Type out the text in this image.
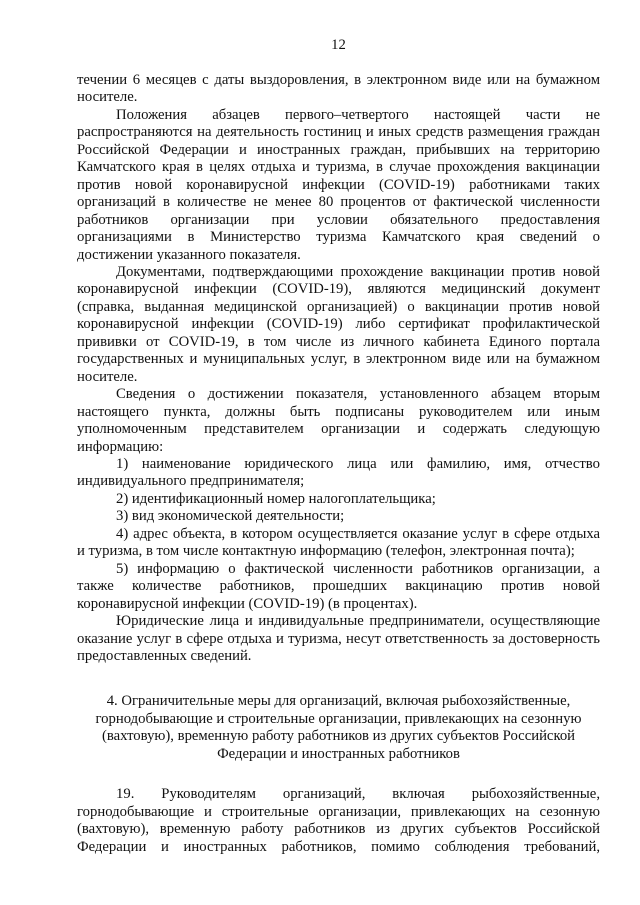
12

течении 6 месяцев с даты выздоровления, в электронном виде или на бумажном
носителе.

Положения абзацев первого–четвертого настоящей части не
распространяются на деятельность гостиниц и иных средств размещения граждан
Российской Федерации и иностранных граждан, прибывших на территорию
Камчатского края в целях отдыха и туризма, в случае прохождения вакцинации
против новой коронавирусной инфекции (COVID-19) работниками таких
организаций в количестве не менее 80 процентов от фактической численности
работников организации при условии обязательного предоставления
организациями в Министерство туризма Камчатского края сведений о
достижении указанного показателя.

Документами, подтверждающими прохождение вакцинации против новой
коронавирусной инфекции (COVID-19), являются медицинский документ
(справка, выданная медицинской организацией) о вакцинации против новой
коронавирусной инфекции (COVID-19) либо сертификат профилактической
прививки от COVID-19, в том числе из личного кабинета Единого портала
государственных и муниципальных услуг, в электронном виде или на бумажном
носителе.

Сведения о достижении показателя, установленного абзацем вторым
настоящего пункта, должны быть подписаны руководителем или иным
уполномоченным представителем организации и содержать следующую
информацию:

1) наименование юридического лица или фамилию, имя, отчество
индивидуального предпринимателя;

2) идентификационный номер налогоплательщика;

3) вид экономической деятельности;

4) адрес объекта, в котором осуществляется оказание услуг в сфере отдыха
и туризма, в том числе контактную информацию (телефон, электронная почта);

5) информацию о фактической численности работников организации, а
также количестве работников, прошедших вакцинацию против новой
коронавирусной инфекции (COVID-19) (в процентах).

Юридические лица и индивидуальные предприниматели, осуществляющие
оказание услуг в сфере отдыха и туризма, несут ответственность за достоверность
предоставленных сведений.

4. Ограничительные меры для организаций, включая рыбохозяйственные,
горнодобывающие и строительные организации, привлекающих на сезонную
(вахтовую), временную работу работников из других субъектов Российской
Федерации и иностранных работников

19. Руководителям организаций, включая рыбохозяйственные,
горнодобывающие и строительные организации, привлекающих на сезонную
(вахтовую), временную работу работников из других субъектов Российской
Федерации и иностранных работников, помимо соблюдения требований,
